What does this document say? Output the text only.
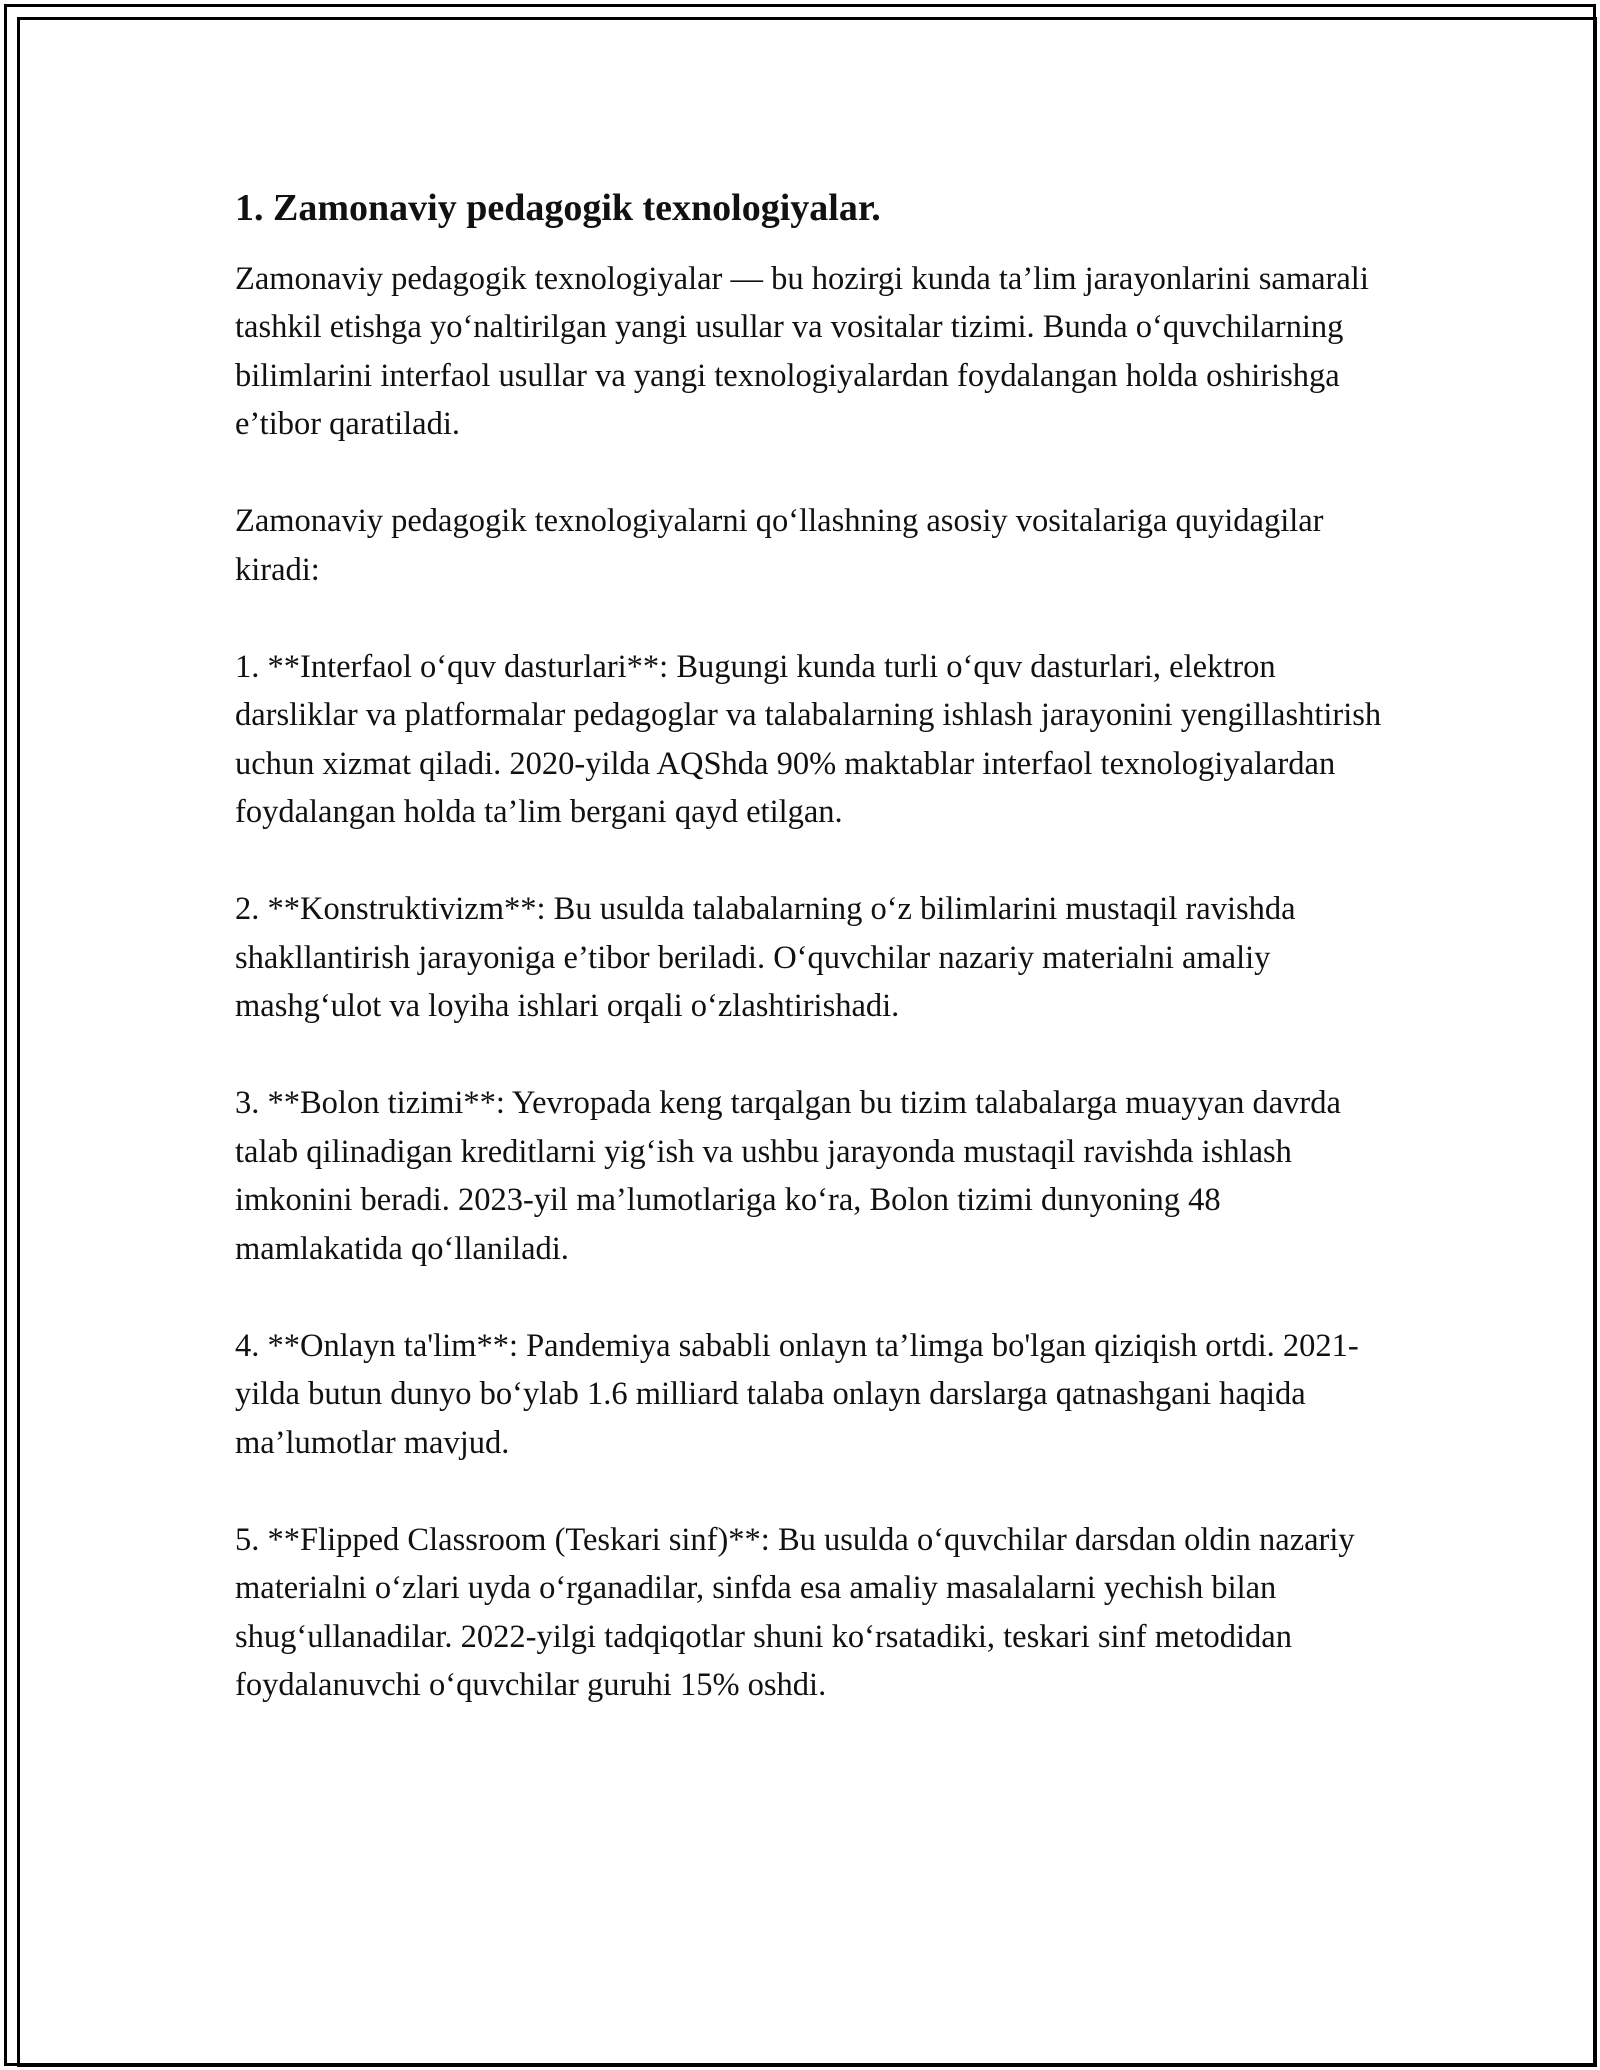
1. Zamonaviy pedagogik texnologiyalar.

Zamonaviy pedagogik texnologiyalar — bu hozirgi kunda ta’lim jarayonlarini samarali tashkil etishga yo‘naltirilgan yangi usullar va vositalar tizimi. Bunda o‘quvchilarning bilimlarini interfaol usullar va yangi texnologiyalardan foydalangan holda oshirishga e’tibor qaratiladi.

Zamonaviy pedagogik texnologiyalarni qo‘llashning asosiy vositalariga quyidagilar kiradi:

1. **Interfaol o‘quv dasturlari**: Bugungi kunda turli o‘quv dasturlari, elektron darsliklar va platformalar pedagoglar va talabalarning ishlash jarayonini yengillashtirish uchun xizmat qiladi. 2020-yilda AQShda 90% maktablar interfaol texnologiyalardan foydalangan holda ta’lim bergani qayd etilgan.

2. **Konstruktivizm**: Bu usulda talabalarning o‘z bilimlarini mustaqil ravishda shakllantirish jarayoniga e’tibor beriladi. O‘quvchilar nazariy materialni amaliy mashg‘ulot va loyiha ishlari orqali o‘zlashtirishadi.

3. **Bolon tizimi**: Yevropada keng tarqalgan bu tizim talabalarga muayyan davrda talab qilinadigan kreditlarni yig‘ish va ushbu jarayonda mustaqil ravishda ishlash imkonini beradi. 2023-yil ma’lumotlariga ko‘ra, Bolon tizimi dunyoning 48 mamlakatida qo‘llaniladi.

4. **Onlayn ta'lim**: Pandemiya sababli onlayn ta’limga bo'lgan qiziqish ortdi. 2021-yilda butun dunyo bo‘ylab 1.6 milliard talaba onlayn darslarga qatnashgani haqida ma’lumotlar mavjud.

5. **Flipped Classroom (Teskari sinf)**: Bu usulda o‘quvchilar darsdan oldin nazariy materialni o‘zlari uyda o‘rganadilar, sinfda esa amaliy masalalarni yechish bilan shug‘ullanadilar. 2022-yilgi tadqiqotlar shuni ko‘rsatadiki, teskari sinf metodidan foydalanuvchi o‘quvchilar guruhi 15% oshdi.
